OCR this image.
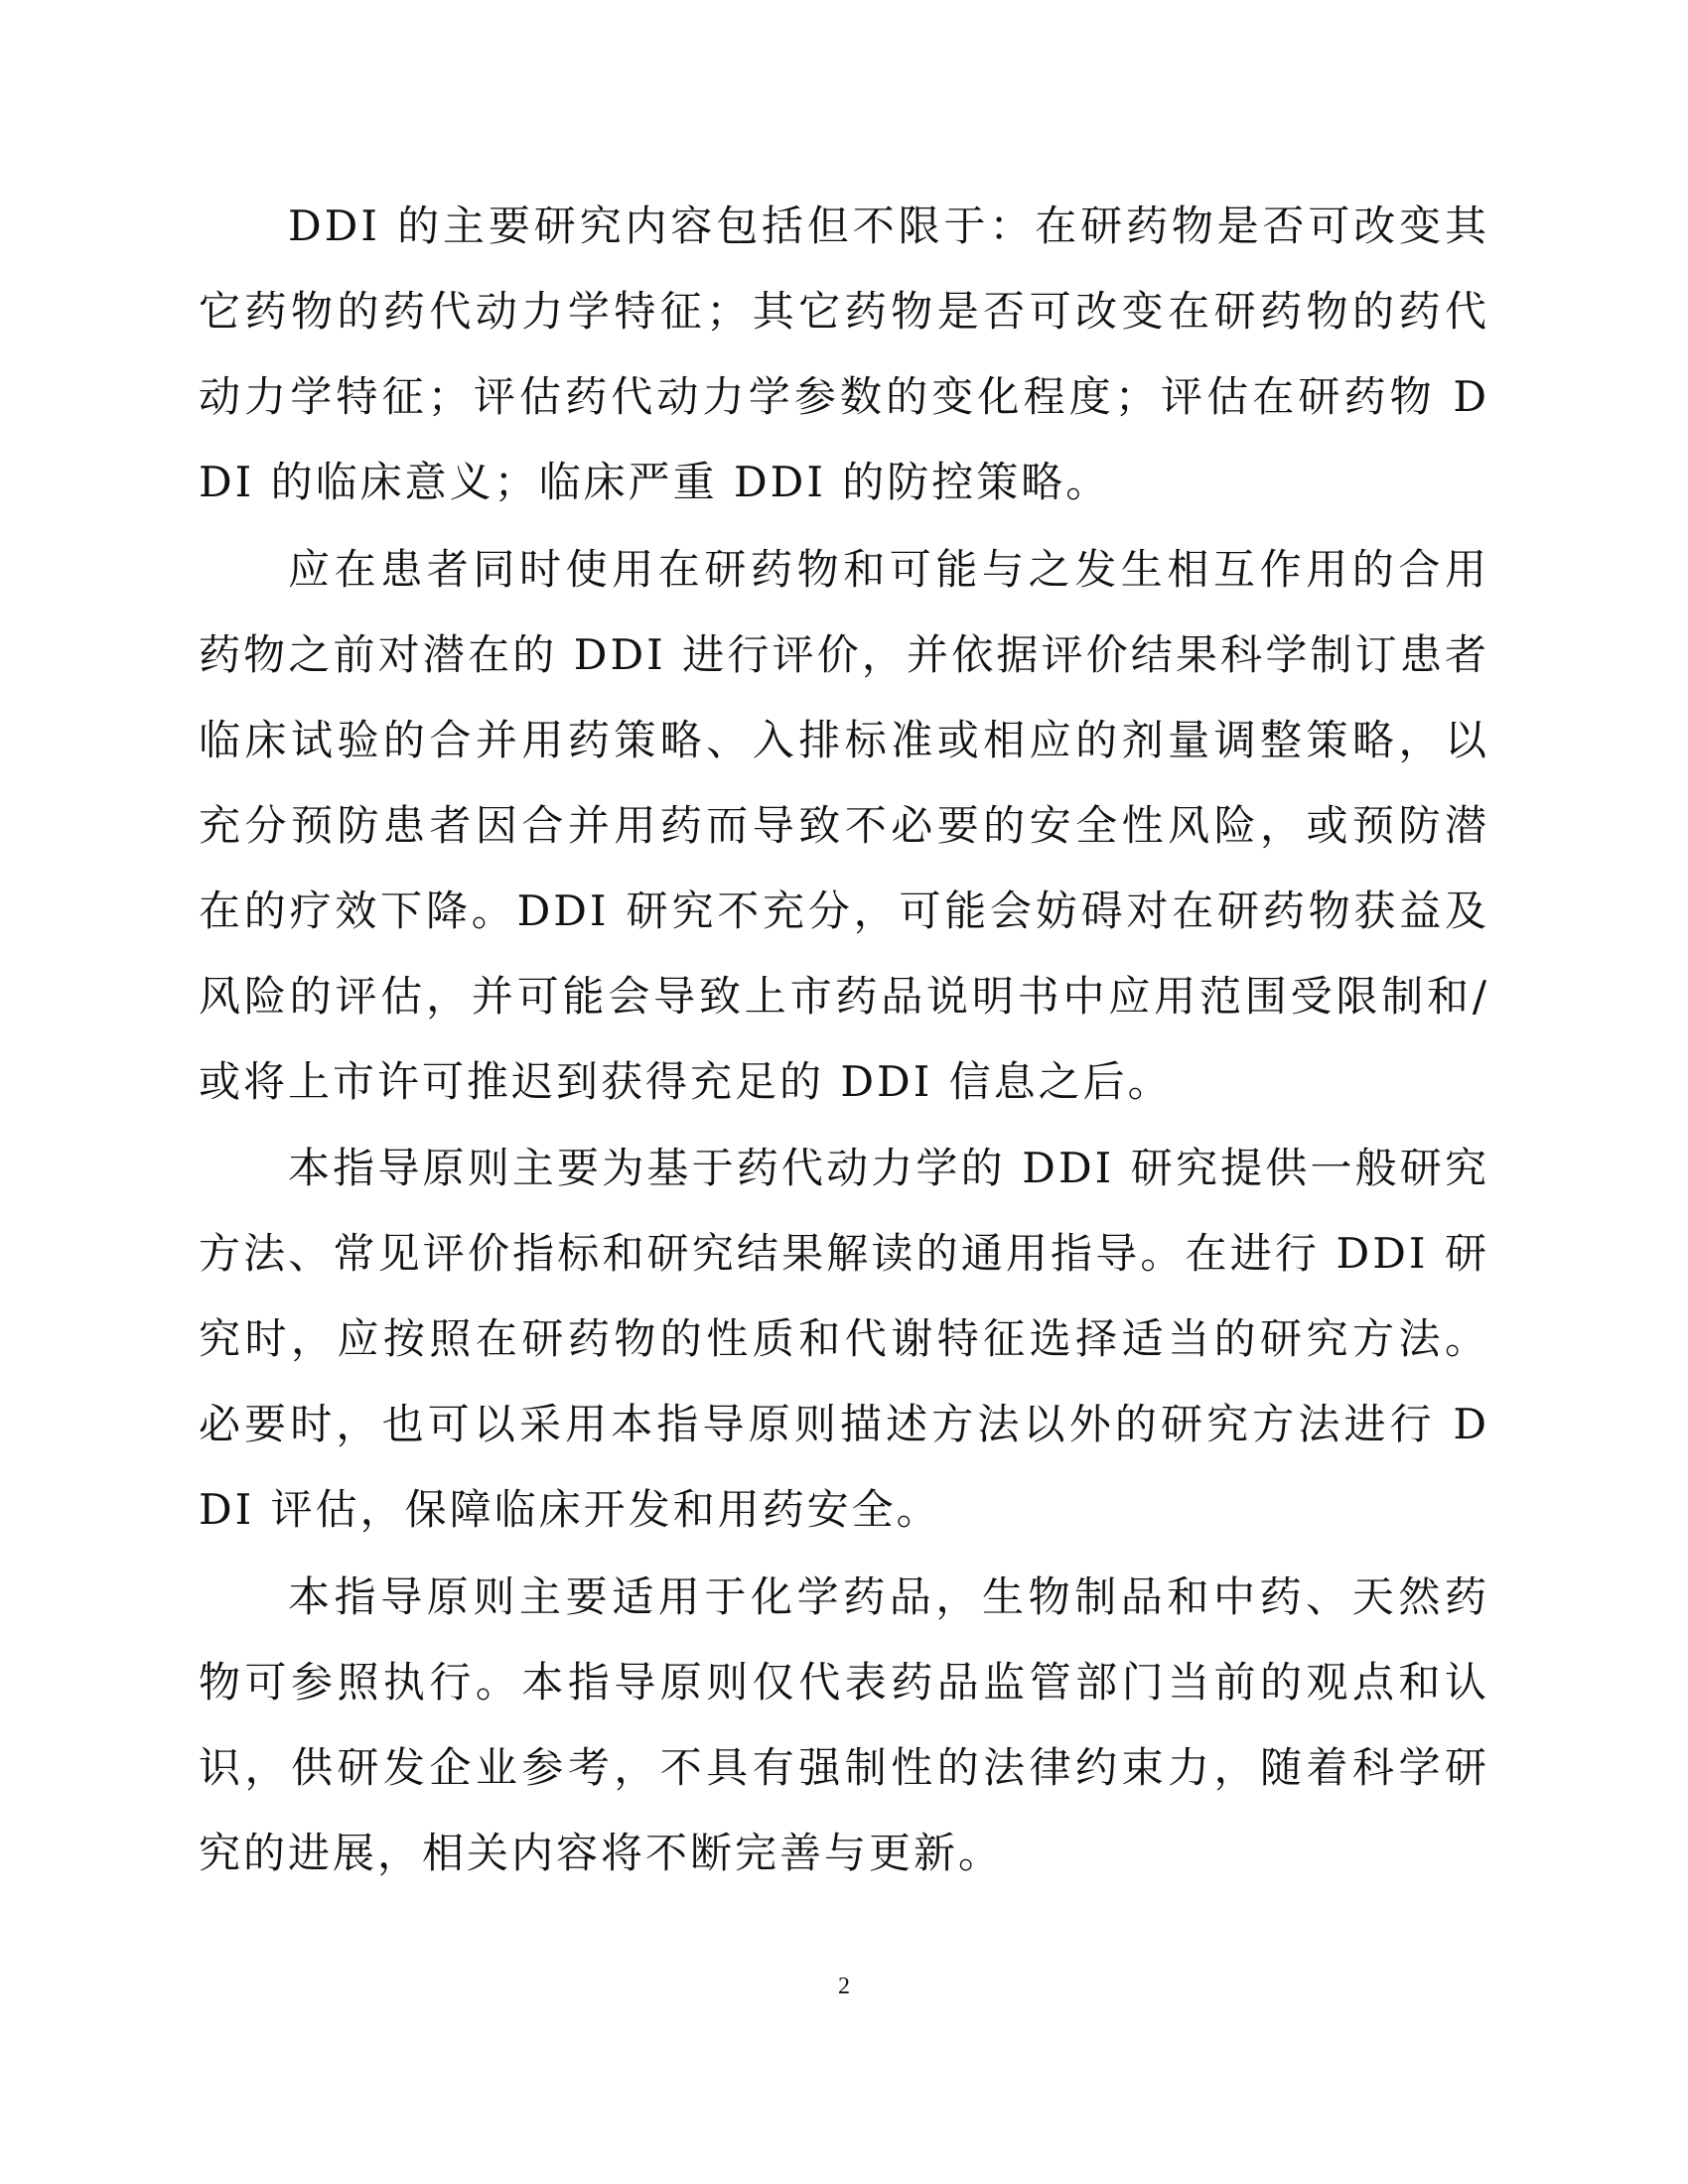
DDI 的主要研究内容包括但不限于：在研药物是否可改变其它药物的药代动力学特征；其它药物是否可改变在研药物的药代动力学特征；评估药代动力学参数的变化程度；评估在研药物 DDI 的临床意义；临床严重 DDI 的防控策略。

应在患者同时使用在研药物和可能与之发生相互作用的合用药物之前对潜在的 DDI 进行评价，并依据评价结果科学制订患者临床试验的合并用药策略、入排标准或相应的剂量调整策略，以充分预防患者因合并用药而导致不必要的安全性风险，或预防潜在的疗效下降。DDI 研究不充分，可能会妨碍对在研药物获益及风险的评估，并可能会导致上市药品说明书中应用范围受限制和/或将上市许可推迟到获得充足的 DDI 信息之后。

本指导原则主要为基于药代动力学的 DDI 研究提供一般研究方法、常见评价指标和研究结果解读的通用指导。在进行 DDI 研究时，应按照在研药物的性质和代谢特征选择适当的研究方法。必要时，也可以采用本指导原则描述方法以外的研究方法进行 DDI 评估，保障临床开发和用药安全。

本指导原则主要适用于化学药品，生物制品和中药、天然药物可参照执行。本指导原则仅代表药品监管部门当前的观点和认识，供研发企业参考，不具有强制性的法律约束力，随着科学研究的进展，相关内容将不断完善与更新。

2
